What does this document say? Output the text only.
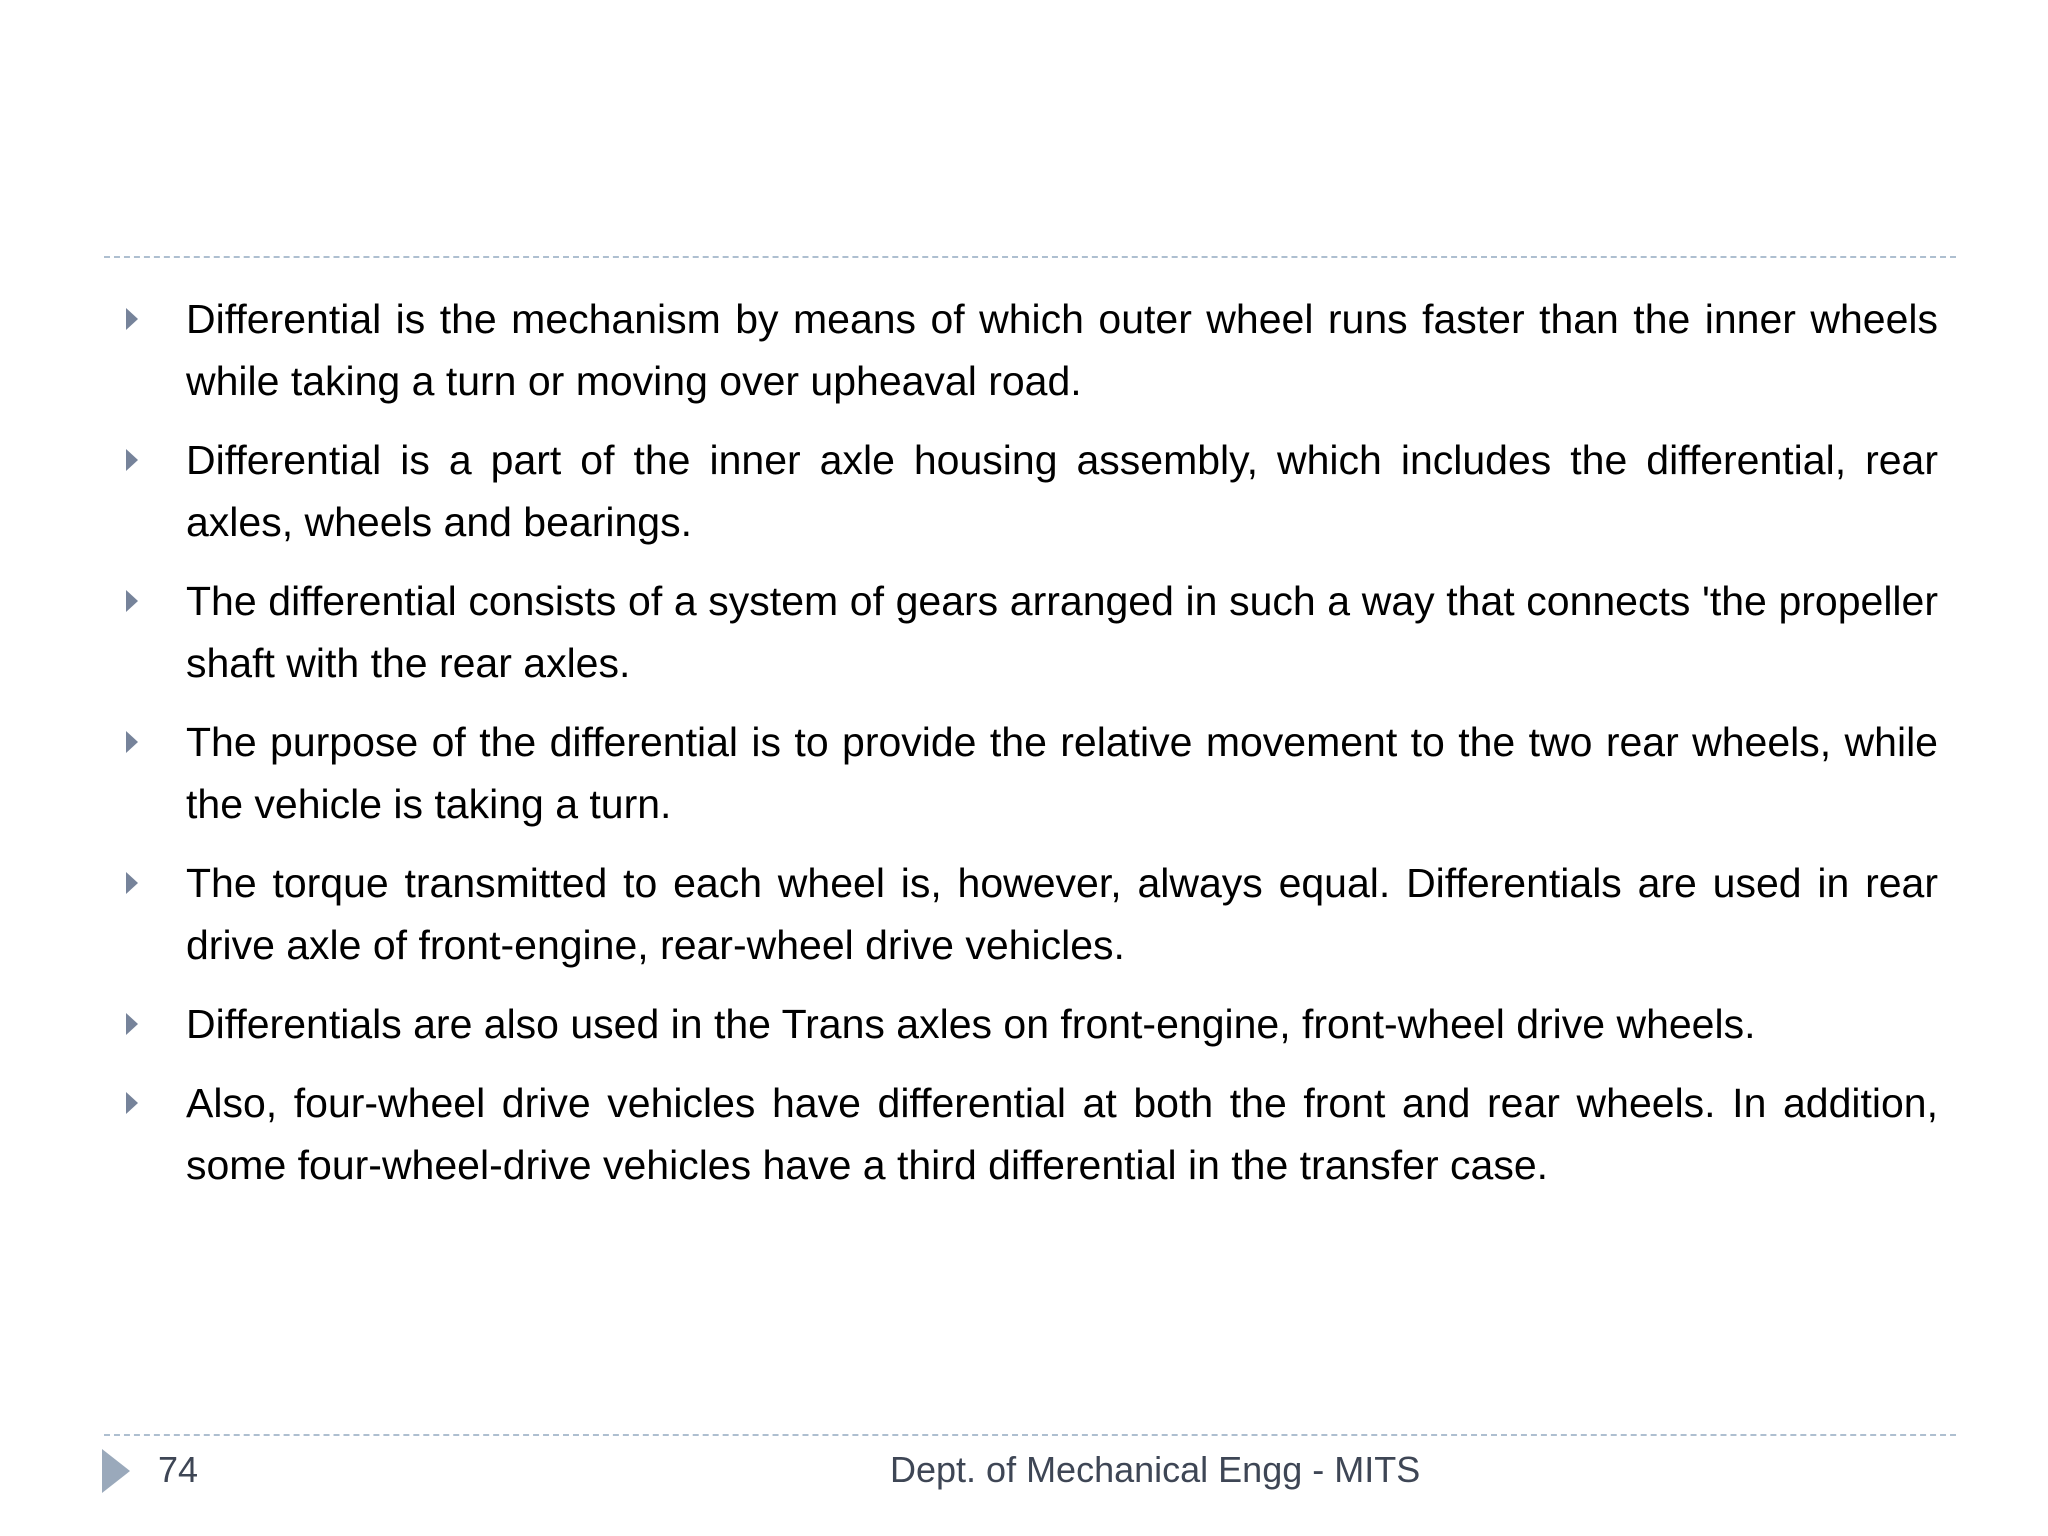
Differential is the mechanism by means of which outer wheel runs faster than the inner wheels while taking a turn or moving over upheaval road.
Differential is a part of the inner axle housing assembly, which includes the differential, rear axles, wheels and bearings.
The differential consists of a system of gears arranged in such a way that connects 'the propeller shaft with the rear axles.
The purpose of the differential is to provide the relative movement to the two rear wheels, while the vehicle is taking a turn.
The torque transmitted to each wheel is, however, always equal. Differentials are used in rear drive axle of front-engine, rear-wheel drive vehicles.
Differentials are also used in the Trans axles on front-engine, front-wheel drive wheels.
Also, four-wheel drive vehicles have differential at both the front and rear wheels. In addition, some four-wheel-drive vehicles have a third differential in the transfer case.
74	Dept. of Mechanical Engg - MITS
